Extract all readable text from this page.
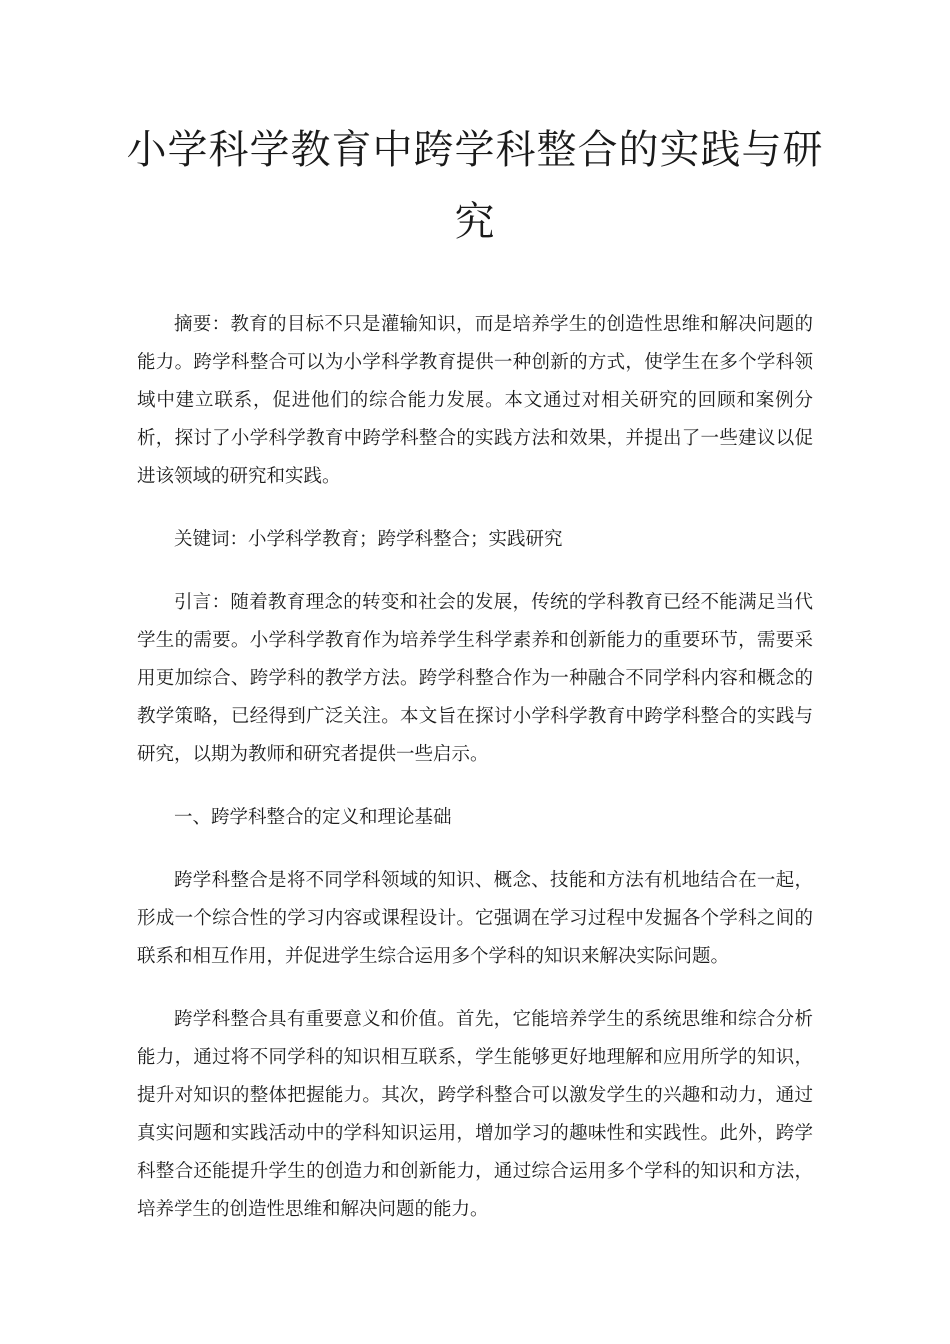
小学科学教育中跨学科整合的实践与研究

摘要：教育的目标不只是灌输知识，而是培养学生的创造性思维和解决问题的能力。跨学科整合可以为小学科学教育提供一种创新的方式，使学生在多个学科领域中建立联系，促进他们的综合能力发展。本文通过对相关研究的回顾和案例分析，探讨了小学科学教育中跨学科整合的实践方法和效果，并提出了一些建议以促进该领域的研究和实践。

关键词：小学科学教育；跨学科整合；实践研究

引言：随着教育理念的转变和社会的发展，传统的学科教育已经不能满足当代学生的需要。小学科学教育作为培养学生科学素养和创新能力的重要环节，需要采用更加综合、跨学科的教学方法。跨学科整合作为一种融合不同学科内容和概念的教学策略，已经得到广泛关注。本文旨在探讨小学科学教育中跨学科整合的实践与研究，以期为教师和研究者提供一些启示。

一、跨学科整合的定义和理论基础

跨学科整合是将不同学科领域的知识、概念、技能和方法有机地结合在一起，形成一个综合性的学习内容或课程设计。它强调在学习过程中发掘各个学科之间的联系和相互作用，并促进学生综合运用多个学科的知识来解决实际问题。

跨学科整合具有重要意义和价值。首先，它能培养学生的系统思维和综合分析能力，通过将不同学科的知识相互联系，学生能够更好地理解和应用所学的知识，提升对知识的整体把握能力。其次，跨学科整合可以激发学生的兴趣和动力，通过真实问题和实践活动中的学科知识运用，增加学习的趣味性和实践性。此外，跨学科整合还能提升学生的创造力和创新能力，通过综合运用多个学科的知识和方法，培养学生的创造性思维和解决问题的能力。
